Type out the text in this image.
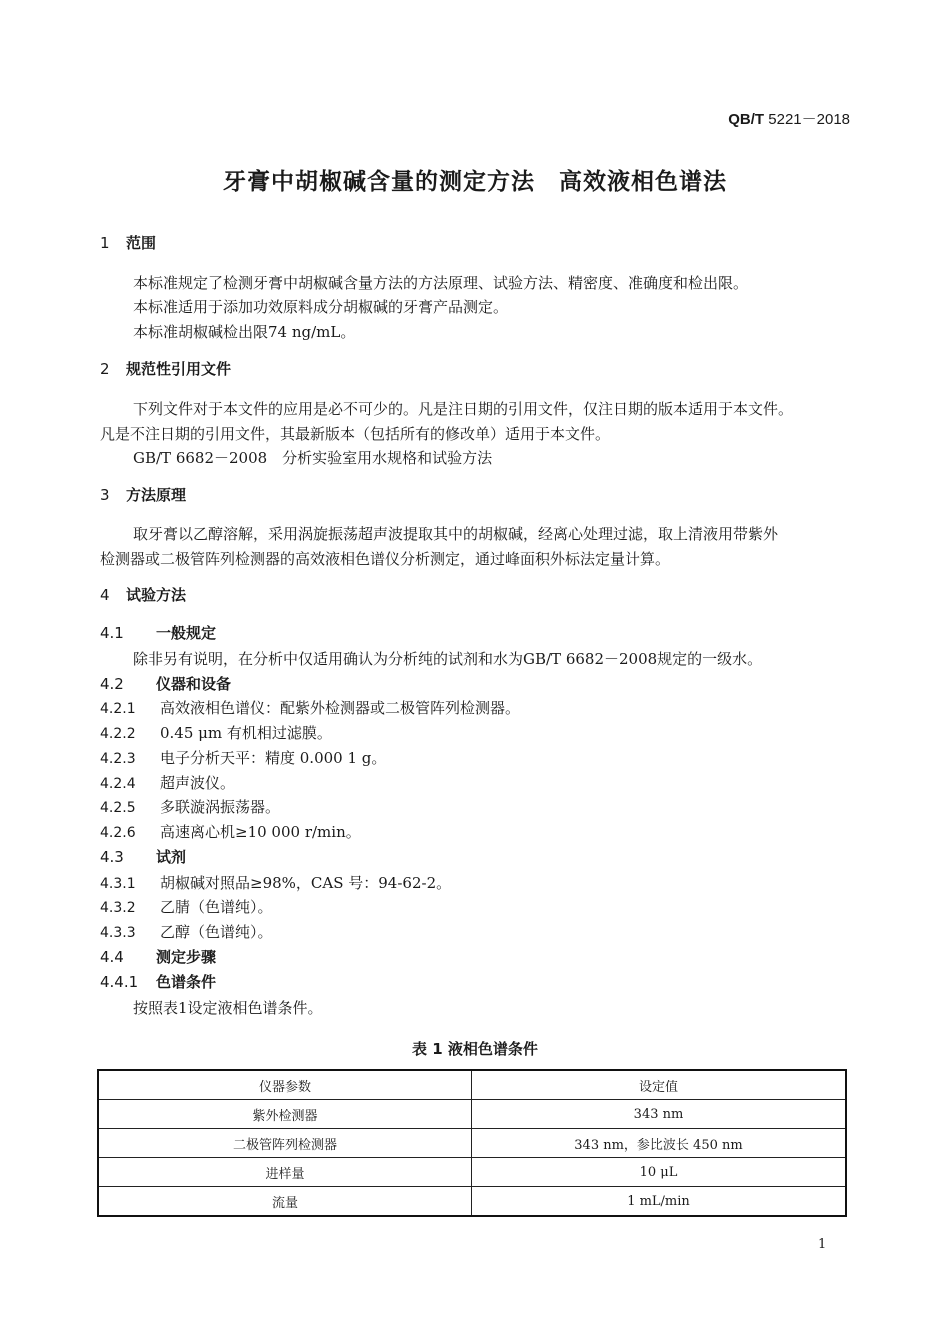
QB/T 5221－2018
牙膏中胡椒碱含量的测定方法　高效液相色谱法
1 范围
本标准规定了检测牙膏中胡椒碱含量方法的方法原理、试验方法、精密度、准确度和检出限。
本标准适用于添加功效原料成分胡椒碱的牙膏产品测定。
本标准胡椒碱检出限74 ng/mL。
2 规范性引用文件
下列文件对于本文件的应用是必不可少的。凡是注日期的引用文件，仅注日期的版本适用于本文件。
凡是不注日期的引用文件，其最新版本（包括所有的修改单）适用于本文件。
GB/T 6682－2008　分析实验室用水规格和试验方法
3 方法原理
取牙膏以乙醇溶解，采用涡旋振荡超声波提取其中的胡椒碱，经离心处理过滤，取上清液用带紫外
检测器或二极管阵列检测器的高效液相色谱仪分析测定，通过峰面积外标法定量计算。
4 试验方法
4.1 一般规定
除非另有说明，在分析中仅适用确认为分析纯的试剂和水为GB/T 6682－2008规定的一级水。
4.2 仪器和设备
4.2.1 高效液相色谱仪：配紫外检测器或二极管阵列检测器。
4.2.2 0.45 μm 有机相过滤膜。
4.2.3 电子分析天平：精度 0.000 1 g。
4.2.4 超声波仪。
4.2.5 多联漩涡振荡器。
4.2.6 高速离心机≥10 000 r/min。
4.3 试剂
4.3.1 胡椒碱对照品≥98%，CAS 号：94-62-2。
4.3.2 乙腈（色谱纯）。
4.3.3 乙醇（色谱纯）。
4.4 测定步骤
4.4.1 色谱条件
按照表1设定液相色谱条件。
表 1 液相色谱条件
仪器参数	设定值
紫外检测器	343 nm
二极管阵列检测器	343 nm，参比波长 450 nm
进样量	10 μL
流量	1 mL/min
1
